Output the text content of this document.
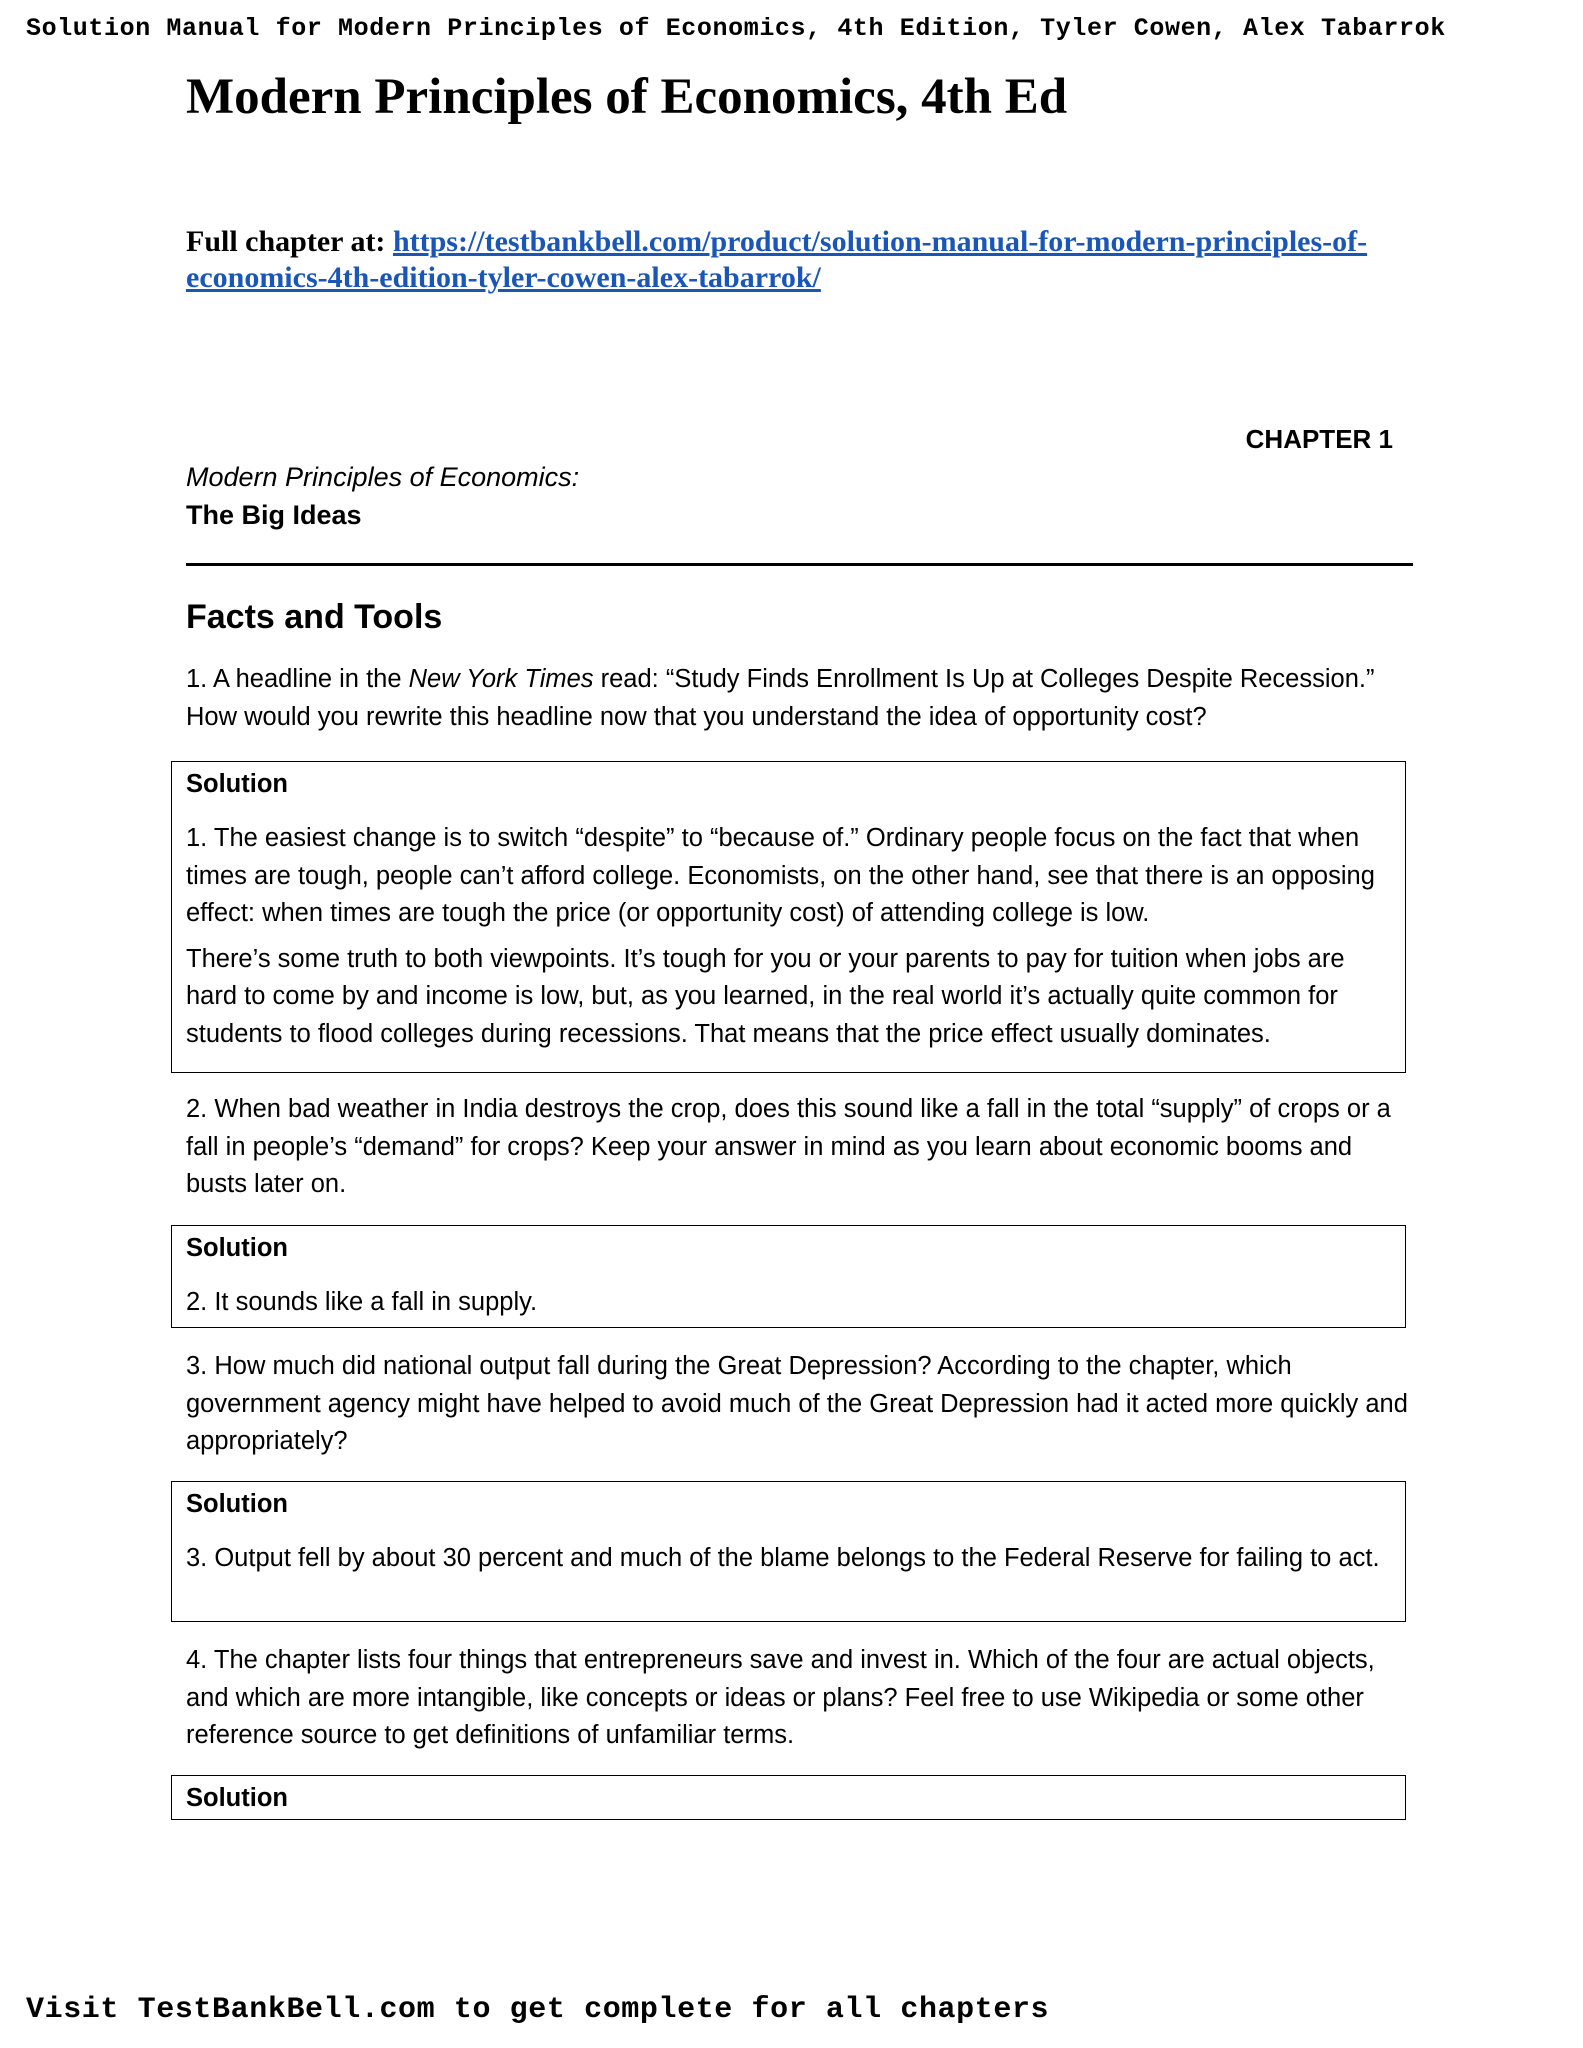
Solution Manual for Modern Principles of Economics, 4th Edition, Tyler Cowen, Alex Tabarrok
Modern Principles of Economics, 4th Ed
Full chapter at: https://testbankbell.com/product/solution-manual-for-modern-principles-of-economics-4th-edition-tyler-cowen-alex-tabarrok/
CHAPTER 1
Modern Principles of Economics:
The Big Ideas
Facts and Tools
1. A headline in the New York Times read: “Study Finds Enrollment Is Up at Colleges Despite Recession.” How would you rewrite this headline now that you understand the idea of opportunity cost?
Solution

1. The easiest change is to switch “despite” to “because of.” Ordinary people focus on the fact that when times are tough, people can’t afford college. Economists, on the other hand, see that there is an opposing effect: when times are tough the price (or opportunity cost) of attending college is low.

There’s some truth to both viewpoints. It’s tough for you or your parents to pay for tuition when jobs are hard to come by and income is low, but, as you learned, in the real world it’s actually quite common for students to flood colleges during recessions. That means that the price effect usually dominates.

2. When bad weather in India destroys the crop, does this sound like a fall in the total “supply” of crops or a fall in people’s “demand” for crops? Keep your answer in mind as you learn about economic booms and busts later on.
Solution

2. It sounds like a fall in supply.

3. How much did national output fall during the Great Depression? According to the chapter, which government agency might have helped to avoid much of the Great Depression had it acted more quickly and appropriately?
Solution

3. Output fell by about 30 percent and much of the blame belongs to the Federal Reserve for failing to act.

4. The chapter lists four things that entrepreneurs save and invest in. Which of the four are actual objects, and which are more intangible, like concepts or ideas or plans? Feel free to use Wikipedia or some other reference source to get definitions of unfamiliar terms.
Solution
Visit TestBankBell.com to get complete for all chapters
